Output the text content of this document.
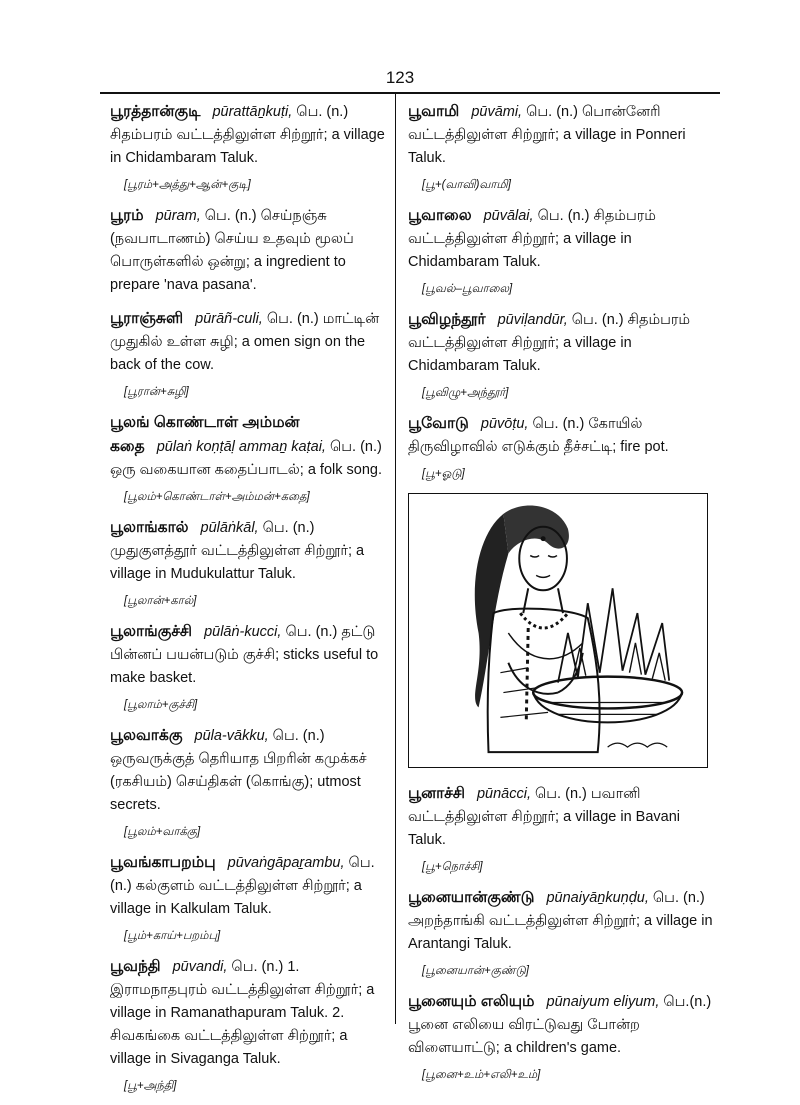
123
பூரத்தான்குடி pūrattāṉkuṭi, பெ. (n.) சிதம்பரம் வட்டத்திலுள்ள சிற்றூர்; a village in Chidambaram Taluk.
[பூரம்+அத்து+ஆன்+குடி]
பூரம் pūram, பெ. (n.) செய்நஞ்சு (நவபாடாணம்) செய்ய உதவும் மூலப் பொருள்களில் ஒன்று; a ingredient to prepare 'nava pasana'.
பூராஞ்சுளி pūrāñ-culi, பெ. (n.) மாட்டின் முதுகில் உள்ள சுழி; a omen sign on the back of the cow.
[பூரான்+சுழி]
பூலங் கொண்டாள் அம்மன் கதை pūlaṅ koṇṭāḷ ammaṉ kaṭai, பெ. (n.) ஒரு வகையான கதைப்பாடல்; a folk song.
[பூலம்+கொண்டாள்+அம்மன்+கதை]
பூலாங்கால் pūlāṅkāl, பெ. (n.) முதுகுளத்தூர் வட்டத்திலுள்ள சிற்றூர்; a village in Mudukulattur Taluk.
[பூலான்+கால்]
பூலாங்குச்சி pūlāṅ-kucci, பெ. (n.) தட்டு பின்னப் பயன்படும் குச்சி; sticks useful to make basket.
[பூலாம்+குச்சி]
பூலவாக்கு pūla-vākku, பெ. (n.) ஒருவருக்குத் தெரியாத பிறரின் கமுக்கச் (ரகசியம்) செய்திகள் (கொங்கு); utmost secrets.
[பூலம்+வாக்கு]
பூவங்காபறம்பு pūvaṅgāpaṟambu, பெ. (n.) கல்குளம் வட்டத்திலுள்ள சிற்றூர்; a village in Kalkulam Taluk.
[பூம்+காய்+பறம்பு]
பூவந்தி pūvandi, பெ. (n.) 1. இராமநாதபுரம் வட்டத்திலுள்ள சிற்றூர்; a village in Ramanathapuram Taluk. 2. சிவகங்கை வட்டத்திலுள்ள சிற்றூர்; a village in Sivaganga Taluk.
[பூ+அந்தி]
பூவாமி pūvāmi, பெ. (n.) பொன்னேரி வட்டத்திலுள்ள சிற்றூர்; a village in Ponneri Taluk.
[பூ+(வாவி)வாமி]
பூவாலை pūvālai, பெ. (n.) சிதம்பரம் வட்டத்திலுள்ள சிற்றூர்; a village in Chidambaram Taluk.
[பூவல்–பூவாலை]
பூவிழந்தூர் pūviḷandūr, பெ. (n.) சிதம்பரம் வட்டத்திலுள்ள சிற்றூர்; a village in Chidambaram Taluk.
[பூவிழு+அந்தூர்]
பூவோடு pūvōṭu, பெ. (n.) கோயில் திருவிழாவில் எடுக்கும் தீச்சட்டி; fire pot.
[பூ+ஓடு]
பூனாச்சி pūnācci, பெ. (n.) பவானி வட்டத்திலுள்ள சிற்றூர்; a village in Bavani Taluk.
[பூ+நொச்சி]
பூனையான்குண்டு pūnaiyāṉkuṇḍu, பெ. (n.) அறந்தாங்கி வட்டத்திலுள்ள சிற்றூர்; a village in Arantangi Taluk.
[பூனையான்+குண்டு]
பூனையும் எலியும் pūnaiyum eliyum, பெ.(n.) பூனை எலியை விரட்டுவது போன்ற விளையாட்டு; a children's game.
[பூனை+உம்+எலி+உம்]
